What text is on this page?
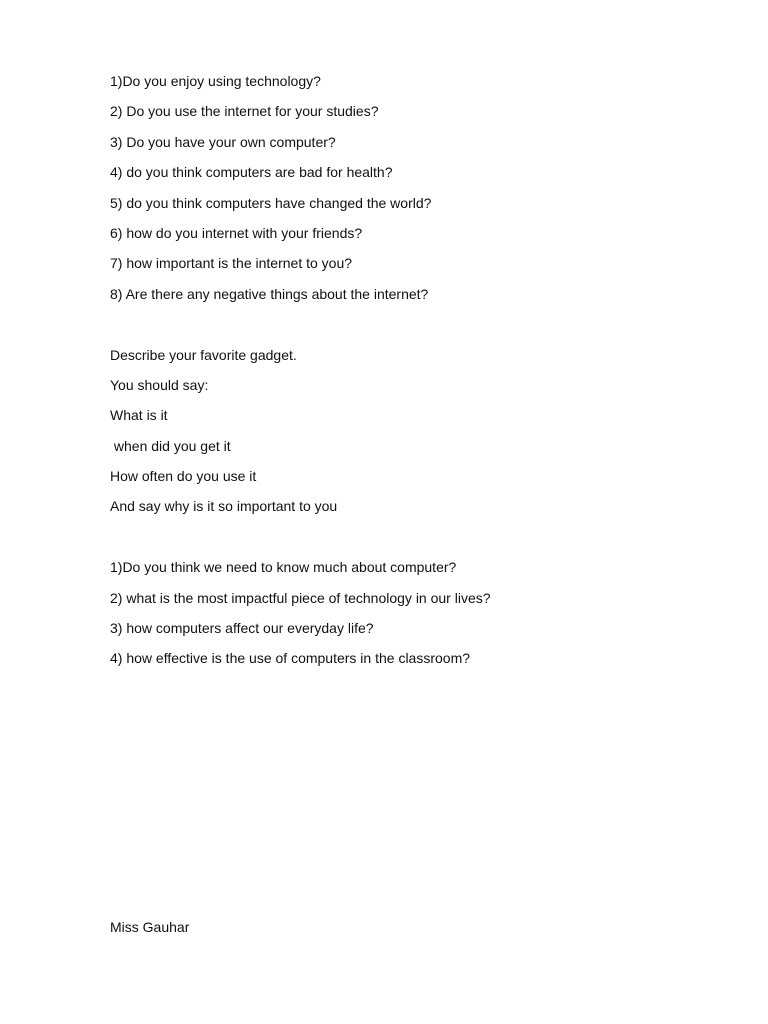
1)Do you enjoy using technology?

2) Do you use the internet for your studies?

3) Do you have your own computer?

4) do you think computers are bad for health?

5) do you think computers have changed the world?

6) how do you internet with your friends?

7) how important is the internet to you?

8) Are there any negative things about the internet?

Describe your favorite gadget.

You should say:

What is it

when did you get it

How often do you use it

And say why is it so important to you

1)Do you think we need to know much about computer?

2) what is the most impactful piece of technology in our lives?

3) how computers affect our everyday life?

4) how effective is the use of computers in the classroom?

Miss Gauhar
